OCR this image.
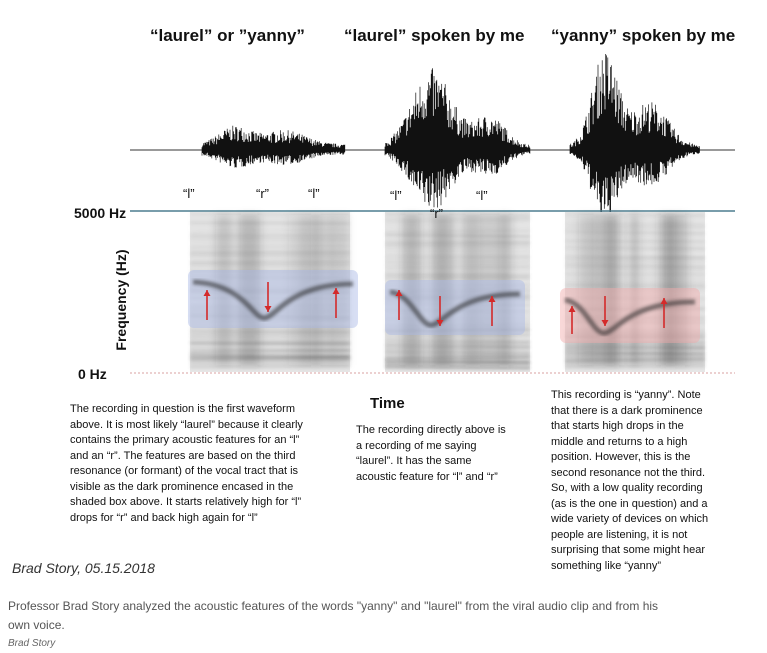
“laurel” or ”yanny” “laurel” spoken by me “yanny” spoken by me
“l”	“r”	“l”	“l”
“r”
“l”
5000 Hz
0 Hz
Frequency (Hz)
Time
The recording in question is the first waveform
above. It is most likely “laurel” because it clearly
contains the primary acoustic features for an “l”
and an “r”. The features are based on the third
resonance (or formant) of the vocal tract that is
visible as the dark prominence encased in the
shaded box above. It starts relatively high for “l”
drops for “r” and back high again for “l”
The recording directly above is
a recording of me saying
“laurel”. It has the same
acoustic feature for “l” and “r”
This recording is “yanny”. Note
that there is a dark prominence
that starts high drops in the
middle and returns to a high
position. However, this is the
second resonance not the third.
So, with a low quality recording
(as is the one in question) and a
wide variety of devices on which
people are listening, it is not
surprising that some might hear
something like “yanny”
Brad Story, 05.15.2018
Professor Brad Story analyzed the acoustic features of the words "yanny" and "laurel" from the viral audio clip and from his own voice.
Brad Story
